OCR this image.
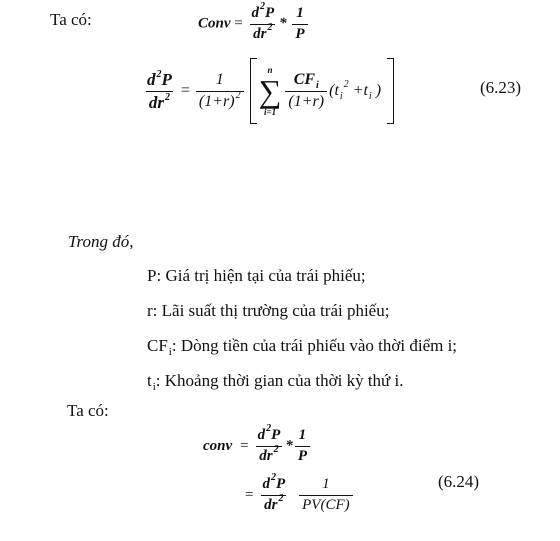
Ta có:	Conv = $\frac{d^2P}{dr^2} * \frac{1}{P}$
$\frac{d^2P}{dr^2} = \frac{1}{(1+r)^2}$
n
∑
i=1
$\frac{CF_i}{(1+r)} (t_i^2 +t_i$ )	(6.23)
Trong đó,
P: Giá trị hiện tại của trái phiếu;
r: Lãi suất thị trường của trái phiếu;
$CF_i$: Dòng tiền của trái phiếu vào thời điểm i;
$t_i$: Khoảng thời gian của thời kỳ thứ i.
Ta có:
conv = $\frac{d^2P}{dr^2} * \frac{1}{P}$
= $\frac{d^2P}{dr^2} \frac{1}{PV(CF)}$	(6.24)
